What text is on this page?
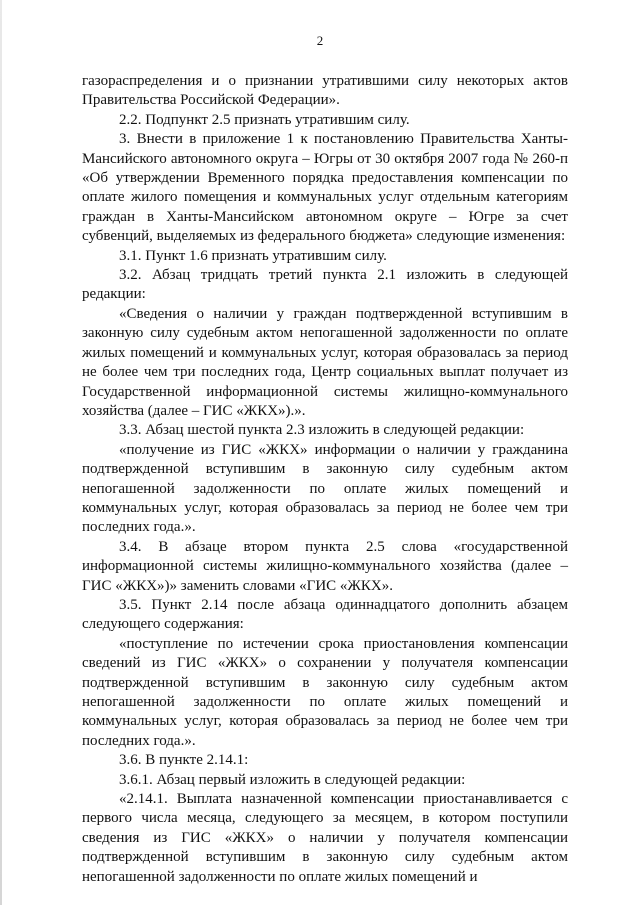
2

газораспределения и о признании утратившими силу некоторых актов Правительства Российской Федерации».

2.2. Подпункт 2.5 признать утратившим силу.

3. Внести в приложение 1 к постановлению Правительства Ханты-Мансийского автономного округа – Югры от 30 октября 2007 года № 260-п «Об утверждении Временного порядка предоставления компенсации по оплате жилого помещения и коммунальных услуг отдельным категориям граждан в Ханты-Мансийском автономном округе – Югре за счет субвенций, выделяемых из федерального бюджета» следующие изменения:

3.1. Пункт 1.6 признать утратившим силу.

3.2. Абзац тридцать третий пункта 2.1 изложить в следующей редакции:

«Сведения о наличии у граждан подтвержденной вступившим в законную силу судебным актом непогашенной задолженности по оплате жилых помещений и коммунальных услуг, которая образовалась за период не более чем три последних года, Центр социальных выплат получает из Государственной информационной системы жилищно-коммунального хозяйства (далее – ГИС «ЖКХ»).».

3.3. Абзац шестой пункта 2.3 изложить в следующей редакции:

«получение из ГИС «ЖКХ» информации о наличии у гражданина подтвержденной вступившим в законную силу судебным актом непогашенной задолженности по оплате жилых помещений и коммунальных услуг, которая образовалась за период не более чем три последних года.».

3.4. В абзаце втором пункта 2.5 слова «государственной информационной системы жилищно-коммунального хозяйства (далее – ГИС «ЖКХ»)» заменить словами «ГИС «ЖКХ».

3.5. Пункт 2.14 после абзаца одиннадцатого дополнить абзацем следующего содержания:

«поступление по истечении срока приостановления компенсации сведений из ГИС «ЖКХ» о сохранении у получателя компенсации подтвержденной вступившим в законную силу судебным актом непогашенной задолженности по оплате жилых помещений и коммунальных услуг, которая образовалась за период не более чем три последних года.».

3.6. В пункте 2.14.1:

3.6.1. Абзац первый изложить в следующей редакции:

«2.14.1. Выплата назначенной компенсации приостанавливается с первого числа месяца, следующего за месяцем, в котором поступили сведения из ГИС «ЖКХ» о наличии у получателя компенсации подтвержденной вступившим в законную силу судебным актом непогашенной задолженности по оплате жилых помещений и
